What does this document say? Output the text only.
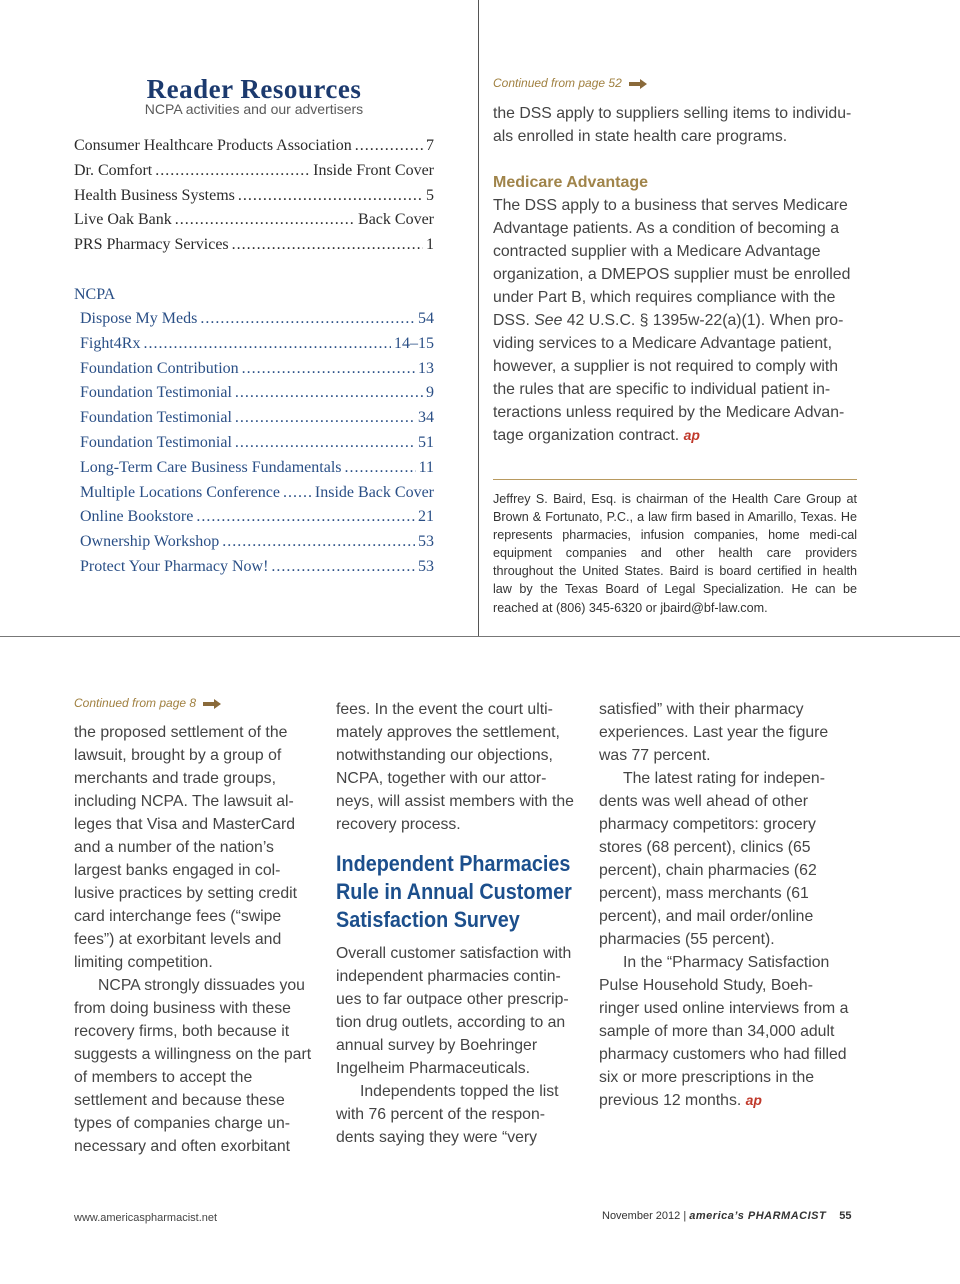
Reader Resources
NCPA activities and our advertisers
Consumer Healthcare Products Association .....	7
Dr. Comfort .....	Inside Front Cover
Health Business Systems .....	5
Live Oak Bank .....	Back Cover
PRS Pharmacy Services .....	1
NCPA
Dispose My Meds .....	54
Fight4Rx .....	14–15
Foundation Contribution .....	13
Foundation Testimonial .....	9
Foundation Testimonial .....	34
Foundation Testimonial .....	51
Long-Term Care Business Fundamentals .....	11
Multiple Locations Conference ..... Inside Back Cover
Online Bookstore .....	21
Ownership Workshop .....	53
Protect Your Pharmacy Now! .....	53
Continued from page 52
the DSS apply to suppliers selling items to individu-als enrolled in state health care programs.
Medicare Advantage
The DSS apply to a business that serves Medicare Advantage patients. As a condition of becoming a contracted supplier with a Medicare Advantage organization, a DMEPOS supplier must be enrolled under Part B, which requires compliance with the DSS. See 42 U.S.C. § 1395w-22(a)(1). When pro-viding services to a Medicare Advantage patient, however, a supplier is not required to comply with the rules that are specific to individual patient in-teractions unless required by the Medicare Advan-tage organization contract. ap
Jeffrey S. Baird, Esq. is chairman of the Health Care Group at Brown & Fortunato, P.C., a law firm based in Amarillo, Texas. He represents pharmacies, infusion companies, home medi-cal equipment companies and other health care providers throughout the United States. Baird is board certified in health law by the Texas Board of Legal Specialization. He can be reached at (806) 345-6320 or jbaird@bf-law.com.
Continued from page 8

the proposed settlement of the lawsuit, brought by a group of merchants and trade groups, including NCPA. The lawsuit al-leges that Visa and MasterCard and a number of the nation’s largest banks engaged in col-lusive practices by setting credit card interchange fees (“swipe fees”) at exorbitant levels and limiting competition.

NCPA strongly dissuades you from doing business with these recovery firms, both because it suggests a willingness on the part of members to accept the settlement and because these types of companies charge un-necessary and often exorbitant

fees. In the event the court ulti-mately approves the settlement, notwithstanding our objections, NCPA, together with our attor-neys, will assist members with the recovery process.

Independent Pharmacies Rule in Annual Customer Satisfaction Survey

Overall customer satisfaction with independent pharmacies contin-ues to far outpace other prescrip-tion drug outlets, according to an annual survey by Boehringer Ingelheim Pharmaceuticals.

Independents topped the list with 76 percent of the respon-dents saying they were “very

satisfied” with their pharmacy experiences. Last year the figure was 77 percent.

The latest rating for indepen-dents was well ahead of other pharmacy competitors: grocery stores (68 percent), clinics (65 percent), chain pharmacies (62 percent), mass merchants (61 percent), and mail order/online pharmacies (55 percent).

In the “Pharmacy Satisfaction Pulse Household Study, Boeh-ringer used online interviews from a sample of more than 34,000 adult pharmacy customers who had filled six or more prescriptions in the previous 12 months. ap

www.americaspharmacist.net	November 2012 | america’s PHARMACIST 55
